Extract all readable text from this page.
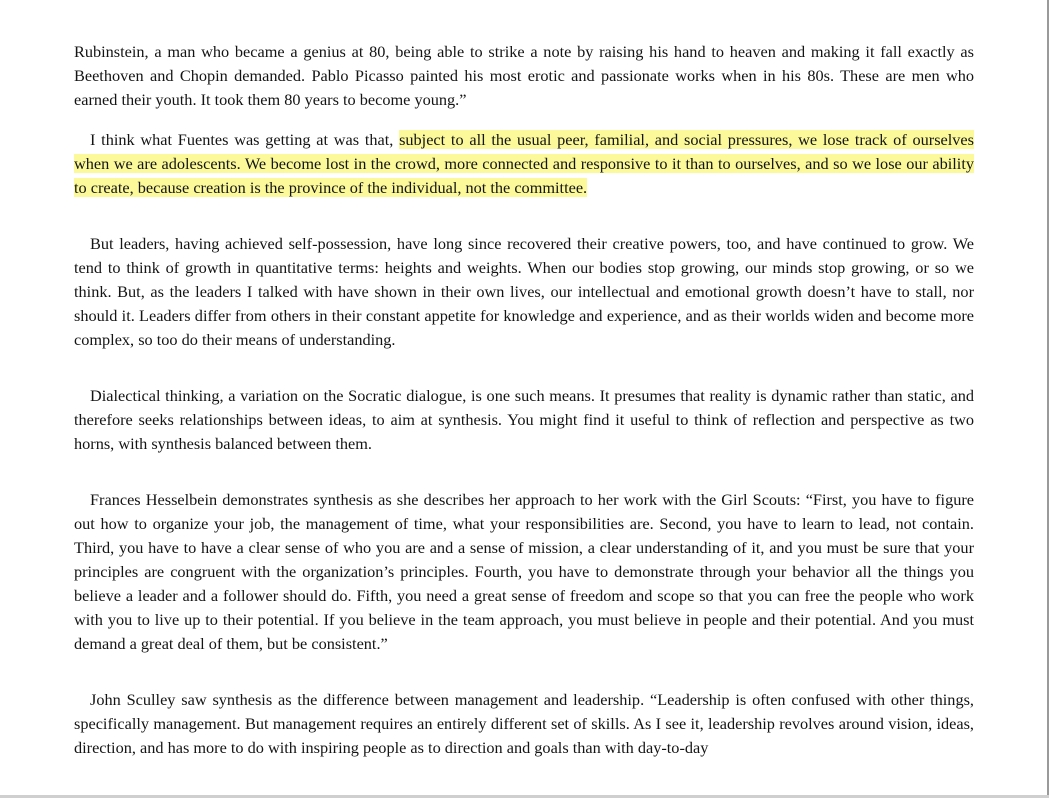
Rubinstein, a man who became a genius at 80, being able to strike a note by raising his hand to heaven and making it fall exactly as Beethoven and Chopin demanded. Pablo Picasso painted his most erotic and passionate works when in his 80s. These are men who earned their youth. It took them 80 years to become young.”

I think what Fuentes was getting at was that, subject to all the usual peer, familial, and social pressures, we lose track of ourselves when we are adolescents. We become lost in the crowd, more connected and responsive to it than to ourselves, and so we lose our ability to create, because creation is the province of the individual, not the committee.

But leaders, having achieved self-possession, have long since recovered their creative powers, too, and have continued to grow. We tend to think of growth in quantitative terms: heights and weights. When our bodies stop growing, our minds stop growing, or so we think. But, as the leaders I talked with have shown in their own lives, our intellectual and emotional growth doesn’t have to stall, nor should it. Leaders differ from others in their constant appetite for knowledge and experience, and as their worlds widen and become more complex, so too do their means of understanding.

Dialectical thinking, a variation on the Socratic dialogue, is one such means. It presumes that reality is dynamic rather than static, and therefore seeks relationships between ideas, to aim at synthesis. You might find it useful to think of reflection and perspective as two horns, with synthesis balanced between them.

Frances Hesselbein demonstrates synthesis as she describes her approach to her work with the Girl Scouts: “First, you have to figure out how to organize your job, the management of time, what your responsibilities are. Second, you have to learn to lead, not contain. Third, you have to have a clear sense of who you are and a sense of mission, a clear understanding of it, and you must be sure that your principles are congruent with the organization’s principles. Fourth, you have to demonstrate through your behavior all the things you believe a leader and a follower should do. Fifth, you need a great sense of freedom and scope so that you can free the people who work with you to live up to their potential. If you believe in the team approach, you must believe in people and their potential. And you must demand a great deal of them, but be consistent.”

John Sculley saw synthesis as the difference between management and leadership. “Leadership is often confused with other things, specifically management. But management requires an entirely different set of skills. As I see it, leadership revolves around vision, ideas, direction, and has more to do with inspiring people as to direction and goals than with day-to-day
